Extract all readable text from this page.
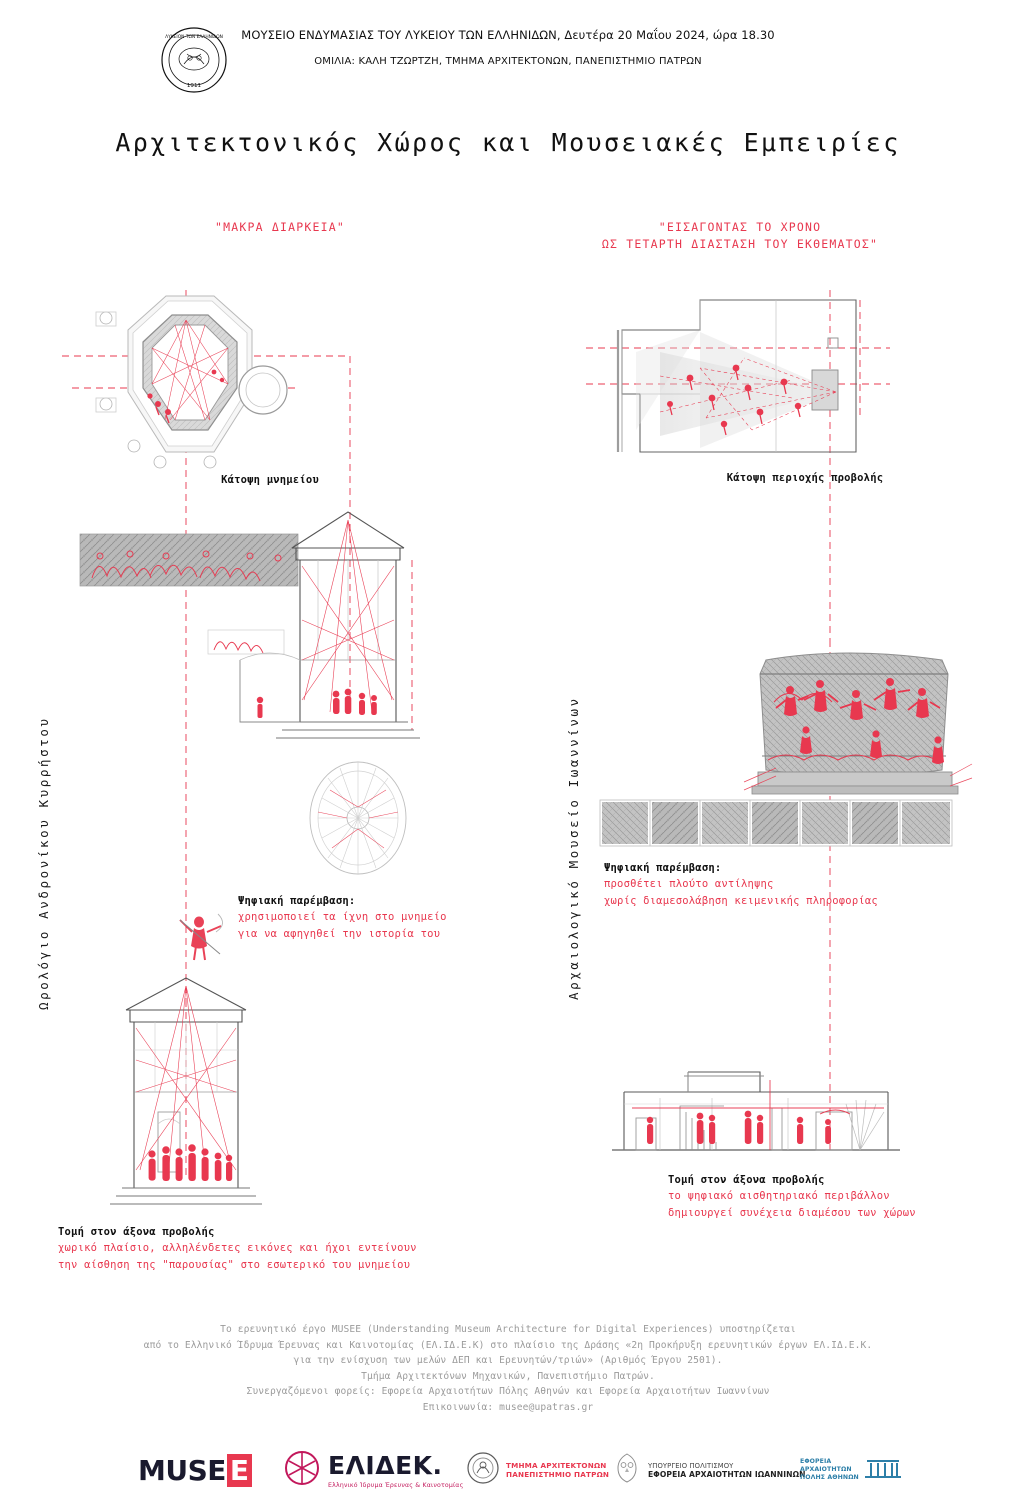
ΛΥΚΕΙΟΝ ΤΩΝ ΕΛΛΗΝΙΔΩΝ
1911
ΜΟΥΣΕΙΟ ΕΝΔΥΜΑΣΙΑΣ ΤΟΥ ΛΥΚΕΙΟΥ ΤΩΝ ΕΛΛΗΝΙΔΩΝ, Δευτέρα 20 Μαΐου 2024, ώρα 18.30
ΟΜΙΛΙΑ: ΚΑΛΗ ΤΖΩΡΤΖΗ, ΤΜΗΜΑ ΑΡΧΙΤΕΚΤΟΝΩΝ, ΠΑΝΕΠΙΣΤΗΜΙΟ ΠΑΤΡΩΝ
Αρχιτεκτονικός Χώρος και Μουσειακές Εμπειρίες
"ΜΑΚΡΑ ΔΙΑΡΚΕΙΑ"	"ΕΙΣΑΓΟΝΤΑΣ ΤΟ ΧΡΟΝΟ
ΩΣ ΤΕΤΑΡΤΗ ΔΙΑΣΤΑΣΗ ΤΟΥ ΕΚΘΕΜΑΤΟΣ"
Ωρολόγιο Ανδρονίκου Κυρρήστου	Αρχαιολογικό Μουσείο Ιωαννίνων
Κάτοψη μνημείου	Κάτοψη περιοχής προβολής
Ψηφιακή παρέμβαση:
χρησιμοποιεί τα ίχνη στο μνημείο
για να αφηγηθεί την ιστορία του
Ψηφιακή παρέμβαση:
προσθέτει πλούτο αντίληψης
χωρίς διαμεσολάβηση κειμενικής πληροφορίας
Τομή στον άξονα προβολής
χωρικό πλαίσιο, αλληλένδετες εικόνες και ήχοι εντείνουν
την αίσθηση της "παρουσίας" στο εσωτερικό του μνημείου
Τομή στον άξονα προβολής
το ψηφιακό αισθητηριακό περιβάλλον
δημιουργεί συνέχεια διαμέσου των χώρων
Το ερευνητικό έργο MUSEE (Understanding Museum Architecture for Digital Experiences) υποστηρίζεται
από το Ελληνικό Ίδρυμα Έρευνας και Καινοτομίας (ΕΛ.ΙΔ.Ε.Κ) στο πλαίσιο της Δράσης «2η Προκήρυξη ερευνητικών έργων ΕΛ.ΙΔ.Ε.Κ.
για την ενίσχυση των μελών ΔΕΠ και Ερευνητών/τριών» (Αριθμός Έργου 2501).
Τμήμα Αρχιτεκτόνων Μηχανικών, Πανεπιστήμιο Πατρών.
Συνεργαζόμενοι φορείς: Εφορεία Αρχαιοτήτων Πόλης Αθηνών και Εφορεία Αρχαιοτήτων Ιωαννίνων
Επικοινωνία: musee@upatras.gr
MUSE E	ΕΛΙΔΕΚ.
Ελληνικό Ίδρυμα Έρευνας & Καινοτομίας
ΤΜΗΜΑ ΑΡΧΙΤΕΚΤΟΝΩΝ
ΠΑΝΕΠΙΣΤΗΜΙΟ ΠΑΤΡΩΝ
ΥΠΟΥΡΓΕΙΟ ΠΟΛΙΤΙΣΜΟΥ
ΕΦΟΡΕΙΑ ΑΡΧΑΙΟΤΗΤΩΝ ΙΩΑΝΝΙΝΩΝ
ΕΦΟΡΕΙΑ
ΑΡΧΑΙΟΤΗΤΩΝ
ΠΟΛΗΣ ΑΘΗΝΩΝ
